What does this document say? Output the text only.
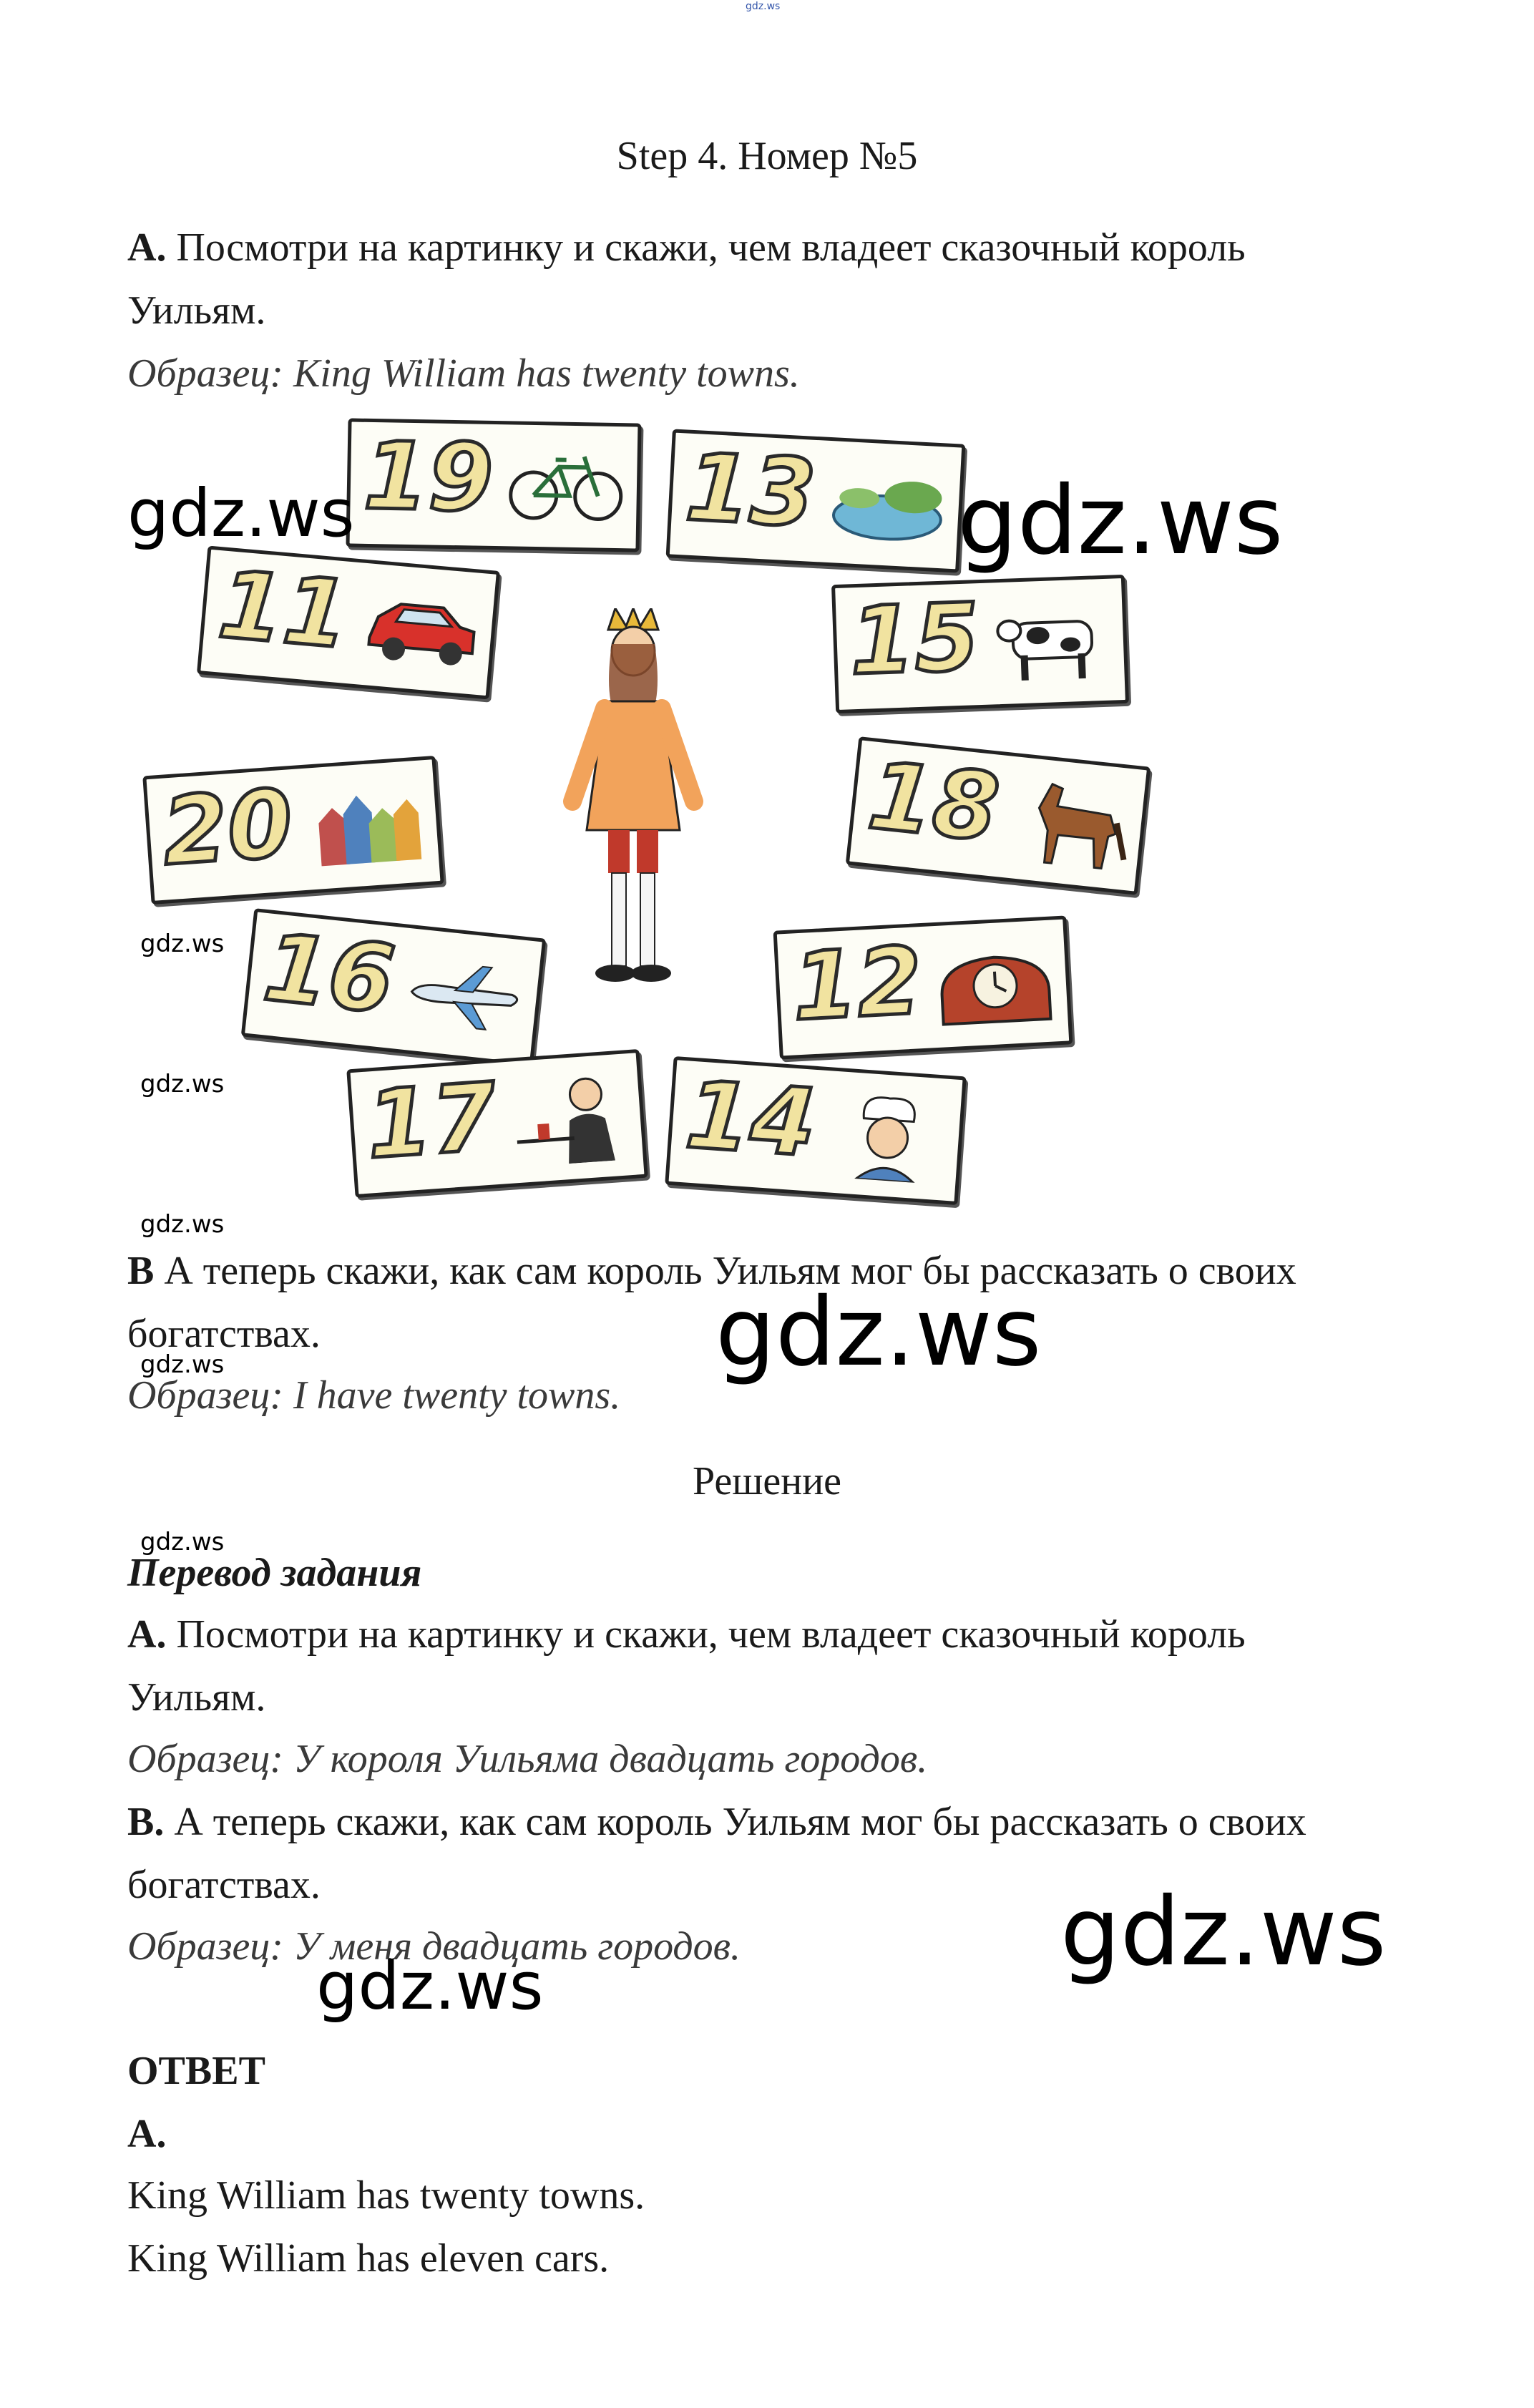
gdz.ws
Step 4. Номер №5
A. Посмотри на картинку и скажи, чем владеет сказочный король
Уильям.
Образец: King William has twenty towns.
19 13
11	15
20	18
16	12
17 14
B А теперь скажи, как сам король Уильям мог бы рассказать о своих
богатствах.
Образец: I have twenty towns.
Решение
Перевод задания
A. Посмотри на картинку и скажи, чем владеет сказочный король
Уильям.
Образец: У короля Уильяма двадцать городов.
B. А теперь скажи, как сам король Уильям мог бы рассказать о своих
богатствах.
Образец: У меня двадцать городов.
ОТВЕТ
A.
King William has twenty towns.
King William has eleven cars.
gdz.ws	gdz.ws
gdz.ws
gdz.ws
gdz.ws
gdz.ws
gdz.ws
gdz.ws
gdz.ws
gdz.ws
